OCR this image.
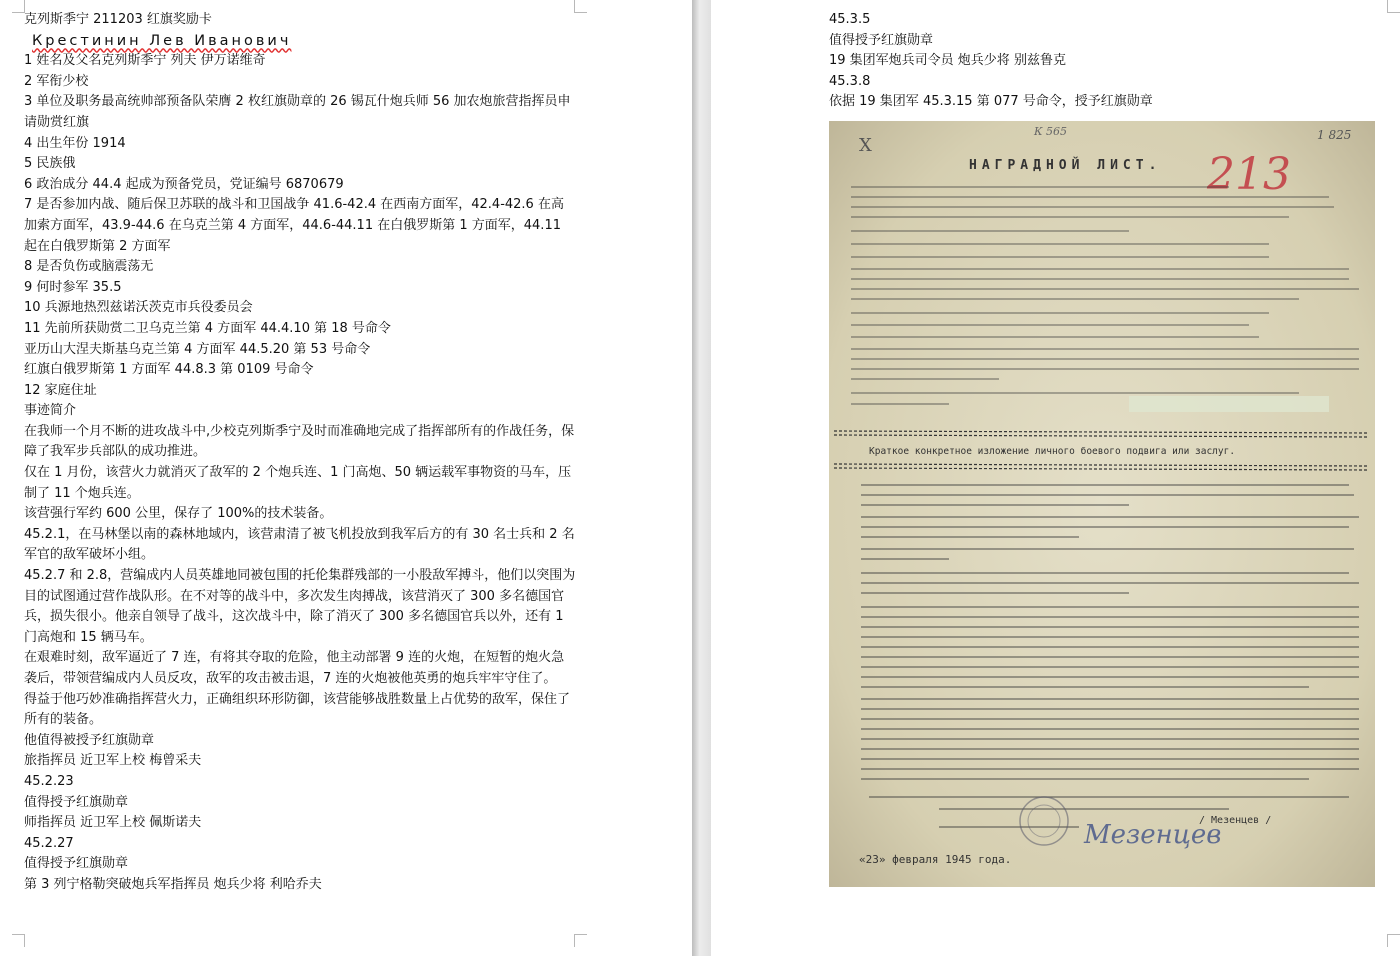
克列斯季宁 211203 红旗奖励卡

Крестинин Лев Иванович

1 姓名及父名克列斯季宁 列夫 伊万诺维奇

2 军衔少校

3 单位及职务最高统帅部预备队荣膺 2 枚红旗勋章的 26 锡瓦什炮兵师 56 加农炮旅营指挥员申请勋赏红旗

4 出生年份 1914

5 民族俄

6 政治成分 44.4 起成为预备党员，党证编号 6870679

7 是否参加内战、随后保卫苏联的战斗和卫国战争 41.6-42.4 在西南方面军，42.4-42.6 在高加索方面军，43.9-44.6 在乌克兰第 4 方面军，44.6-44.11 在白俄罗斯第 1 方面军，44.11 起在白俄罗斯第 2 方面军

8 是否负伤或脑震荡无

9 何时参军 35.5

10 兵源地热烈兹诺沃茨克市兵役委员会

11 先前所获勋赏二卫乌克兰第 4 方面军 44.4.10 第 18 号命令

亚历山大涅夫斯基乌克兰第 4 方面军 44.5.20 第 53 号命令

红旗白俄罗斯第 1 方面军 44.8.3 第 0109 号命令

12 家庭住址

事迹简介

在我师一个月不断的进攻战斗中,少校克列斯季宁及时而准确地完成了指挥部所有的作战任务，保障了我军步兵部队的成功推进。

仅在 1 月份，该营火力就消灭了敌军的 2 个炮兵连、1 门高炮、50 辆运载军事物资的马车，压制了 11 个炮兵连。

该营强行军约 600 公里，保存了 100%的技术装备。

45.2.1，在马林堡以南的森林地域内，该营肃清了被飞机投放到我军后方的有 30 名士兵和 2 名军官的敌军破坏小组。

45.2.7 和 2.8，营编成内人员英雄地同被包围的托伦集群残部的一小股敌军搏斗，他们以突围为目的试图通过营作战队形。在不对等的战斗中，多次发生肉搏战，该营消灭了 300 多名德国官兵，损失很小。他亲自领导了战斗，这次战斗中，除了消灭了 300 多名德国官兵以外，还有 1 门高炮和 15 辆马车。

在艰难时刻，敌军逼近了 7 连，有将其夺取的危险，他主动部署 9 连的火炮，在短暂的炮火急袭后，带领营编成内人员反攻，敌军的攻击被击退，7 连的火炮被他英勇的炮兵牢牢守住了。

得益于他巧妙准确指挥营火力，正确组织环形防御，该营能够战胜数量上占优势的敌军，保住了所有的装备。

他值得被授予红旗勋章

旅指挥员 近卫军上校 梅曾采夫

45.2.23

值得授予红旗勋章

师指挥员 近卫军上校 佩斯诺夫

45.2.27

值得授予红旗勋章

第 3 列宁格勒突破炮兵军指挥员 炮兵少将 利哈乔夫

45.3.5

值得授予红旗勋章

19 集团军炮兵司令员 炮兵少将 别兹鲁克

45.3.8

依据 19 集团军 45.3.15 第 077 号命令，授予红旗勋章

Х
К 565	1 825
НАГРАДНОЙ ЛИСТ. 213
Краткое конкретное изложение личного боевого подвига или заслуг.
Мезенцев
/ Мезенцев /
«23» февраля 1945 года.
